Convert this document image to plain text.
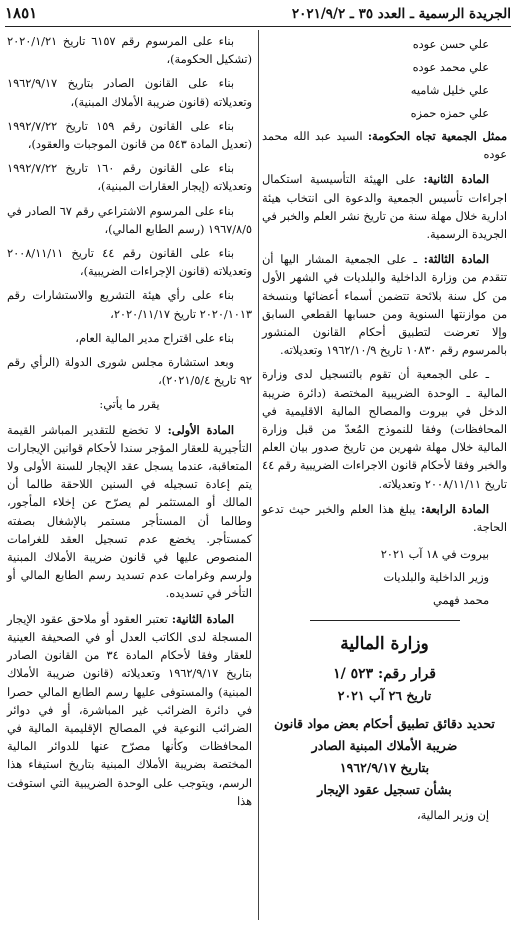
الجريدة الرسمية ـ العدد ٣٥ ـ ٢٠٢١/٩/٢
١٨٥١
علي حسن عوده
علي محمد عوده
علي خليل شاميه
علي حمزه حمزه

ممثل الجمعية تجاه الحكومة: السيد عبد الله محمد عوده

المادة الثانية: على الهيئة التأسيسية استكمال اجراءات تأسيس الجمعية والدعوة الى انتخاب هيئة ادارية خلال مهلة سنة من تاريخ نشر العلم والخبر في الجريدة الرسمية.

المادة الثالثة: ـ على الجمعية المشار اليها أن تتقدم من وزارة الداخلية والبلديات في الشهر الأول من كل سنة بلائحة تتضمن أسماء أعضائها وبنسخة من موازنتها السنوية ومن حسابها القطعي السابق وإلا تعرضت لتطبيق أحكام القانون المنشور بالمرسوم رقم ١٠٨٣٠ تاريخ ١٩٦٢/١٠/٩ وتعديلاته.

ـ على الجمعية أن تقوم بالتسجيل لدى وزارة المالية ـ الوحدة الضريبية المختصة (دائرة ضريبة الدخل في بيروت والمصالح المالية الاقليمية في المحافظات) وفقا للنموذج المُعدّ من قبل وزارة المالية خلال مهلة شهرين من تاريخ صدور بيان العلم والخبر وفقا لأحكام قانون الاجراءات الضريبية رقم ٤٤ تاريخ ٢٠٠٨/١١/١١ وتعديلاته.

المادة الرابعة: يبلغ هذا العلم والخبر حيث تدعو الحاجة.

بيروت في ١٨ آب ٢٠٢١
وزير الداخلية والبلديات
محمد فهمي
وزارة المالية
قرار رقم: ٥٢٣ /١
تاريخ ٢٦ آب ٢٠٢١
تحديد دقائق تطبيق أحكام بعض مواد قانون
ضريبة الأملاك المبنية الصادر
بتاريخ ١٩٦٢/٩/١٧
بشأن تسجيل عقود الإيجار

إن وزير المالية،

بناء على المرسوم رقم ٦١٥٧ تاريخ ٢٠٢٠/١/٢١ (تشكيل الحكومة)،

بناء على القانون الصادر بتاريخ ١٩٦٢/٩/١٧ وتعديلاته (قانون ضريبة الأملاك المبنية)،

بناء على القانون رقم ١٥٩ تاريخ ١٩٩٢/٧/٢٢ (تعديل المادة ٥٤٣ من قانون الموجبات والعقود)،

بناء على القانون رقم ١٦٠ تاريخ ١٩٩٢/٧/٢٢ وتعديلاته (إيجار العقارات المبنية)،

بناء على المرسوم الاشتراعي رقم ٦٧ الصادر في ١٩٦٧/٨/٥ (رسم الطابع المالي)،

بناء على القانون رقم ٤٤ تاريخ ٢٠٠٨/١١/١١ وتعديلاته (قانون الإجراءات الضريبية)،

بناء على رأي هيئة التشريع والاستشارات رقم ٢٠٢٠/١٠١٣ تاريخ ٢٠٢٠/١١/١٧،

بناء على اقتراح مدير المالية العام،

وبعد استشارة مجلس شورى الدولة (الرأي رقم ٩٢ تاريخ ٢٠٢١/٥/٤)،

يقرر ما يأتي:

المادة الأولى: لا تخضع للتقدير المباشر القيمة التأجيرية للعقار المؤجر سندا لأحكام قوانين الإيجارات المتعاقبة، عندما يسجل عقد الإيجار للسنة الأولى ولا يتم إعادة تسجيله في السنين اللاحقة طالما أن المالك أو المستثمر لم يصرّح عن إخلاء المأجور، وطالما أن المستأجر مستمر بالإشغال بصفته كمستأجر. يخضع عدم تسجيل العقد للغرامات المنصوص عليها في قانون ضريبة الأملاك المبنية ولرسم وغرامات عدم تسديد رسم الطابع المالي أو التأخر في تسديده.

المادة الثانية: تعتبر العقود أو ملاحق عقود الإيجار المسجلة لدى الكاتب العدل أو في الصحيفة العينية للعقار وفقا لأحكام المادة ٣٤ من القانون الصادر بتاريخ ١٩٦٢/٩/١٧ وتعديلاته (قانون ضريبة الأملاك المبنية) والمستوفى عليها رسم الطابع المالي حصرا في دائرة الضرائب غير المباشرة، أو في دوائر الضرائب النوعية في المصالح الإقليمية المالية في المحافظات وكأنها مصرّح عنها للدوائر المالية المختصة بضريبة الأملاك المبنية بتاريخ استيفاء هذا الرسم، ويتوجب على الوحدة الضريبية التي استوفت هذا
